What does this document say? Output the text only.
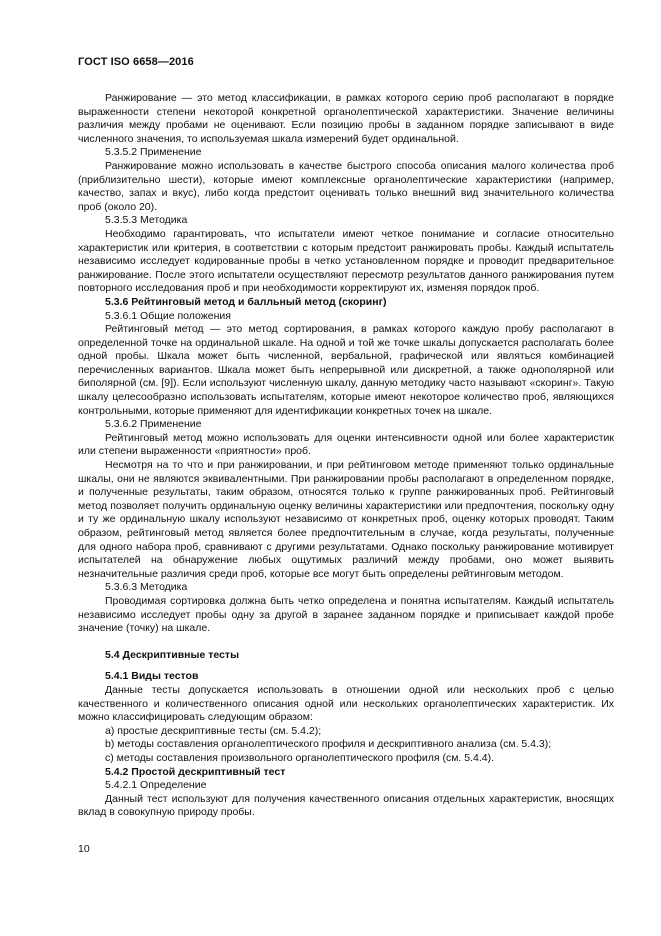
ГОСТ ISO 6658—2016

Ранжирование — это метод классификации, в рамках которого серию проб располагают в порядке выраженности степени некоторой конкретной органолептической характеристики. Значение величины различия между пробами не оценивают. Если позицию пробы в заданном порядке записывают в виде численного значения, то используемая шкала измерений будет ординальной.

5.3.5.2 Применение

Ранжирование можно использовать в качестве быстрого способа описания малого количества проб (приблизительно шести), которые имеют комплексные органолептические характеристики (например, качество, запах и вкус), либо когда предстоит оценивать только внешний вид значительного количества проб (около 20).

5.3.5.3 Методика

Необходимо гарантировать, что испытатели имеют четкое понимание и согласие относительно характеристик или критерия, в соответствии с которым предстоит ранжировать пробы. Каждый испытатель независимо исследует кодированные пробы в четко установленном порядке и проводит предварительное ранжирование. После этого испытатели осуществляют пересмотр результатов данного ранжирования путем повторного исследования проб и при необходимости корректируют их, изменяя порядок проб.

5.3.6 Рейтинговый метод и балльный метод (скоринг)

5.3.6.1 Общие положения

Рейтинговый метод — это метод сортирования, в рамках которого каждую пробу располагают в определенной точке на ординальной шкале. На одной и той же точке шкалы допускается располагать более одной пробы. Шкала может быть численной, вербальной, графической или являться комбинацией перечисленных вариантов. Шкала может быть непрерывной или дискретной, а также однополярной или биполярной (см. [9]). Если используют численную шкалу, данную методику часто называют «скоринг». Такую шкалу целесообразно использовать испытателям, которые имеют некоторое количество проб, являющихся контрольными, которые применяют для идентификации конкретных точек на шкале.

5.3.6.2 Применение

Рейтинговый метод можно использовать для оценки интенсивности одной или более характеристик или степени выраженности «приятности» проб.

Несмотря на то что и при ранжировании, и при рейтинговом методе применяют только ординальные шкалы, они не являются эквивалентными. При ранжировании пробы располагают в определенном порядке, и полученные результаты, таким образом, относятся только к группе ранжированных проб. Рейтинговый метод позволяет получить ординальную оценку величины характеристики или предпочтения, поскольку одну и ту же ординальную шкалу используют независимо от конкретных проб, оценку которых проводят. Таким образом, рейтинговый метод является более предпочтительным в случае, когда результаты, полученные для одного набора проб, сравнивают с другими результатами. Однако поскольку ранжирование мотивирует испытателей на обнаружение любых ощутимых различий между пробами, оно может выявить незначительные различия среди проб, которые все могут быть определены рейтинговым методом.

5.3.6.3 Методика

Проводимая сортировка должна быть четко определена и понятна испытателям. Каждый испытатель независимо исследует пробы одну за другой в заранее заданном порядке и приписывает каждой пробе значение (точку) на шкале.

5.4 Дескриптивные тесты

5.4.1 Виды тестов

Данные тесты допускается использовать в отношении одной или нескольких проб с целью качественного и количественного описания одной или нескольких органолептических характеристик. Их можно классифицировать следующим образом:

а) простые дескриптивные тесты (см. 5.4.2);

b) методы составления органолептического профиля и дескриптивного анализа (см. 5.4.3);

с) методы составления произвольного органолептического профиля (см. 5.4.4).

5.4.2 Простой дескриптивный тест

5.4.2.1 Определение

Данный тест используют для получения качественного описания отдельных характеристик, вносящих вклад в совокупную природу пробы.

10
